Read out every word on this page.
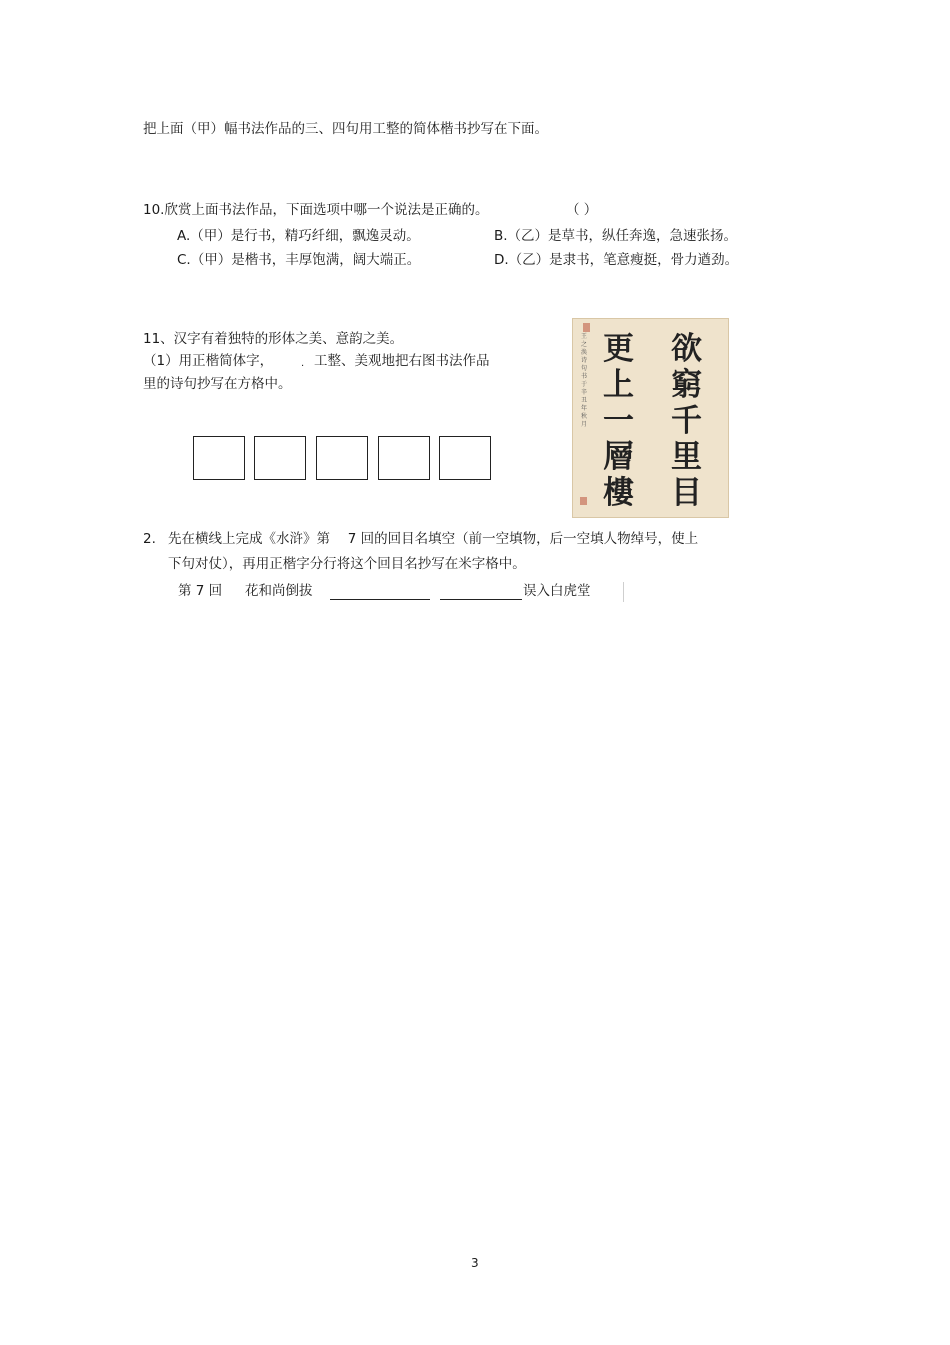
把上面（甲）幅书法作品的三、四句用工整的简体楷书抄写在下面。
10.欣赏上面书法作品，下面选项中哪一个说法是正确的。	（ ）
A.（甲）是行书，精巧纤细，飘逸灵动。	B.（乙）是草书，纵任奔逸，急速张扬。
C.（甲）是楷书，丰厚饱满，阔大端正。	D.（乙）是隶书，笔意瘦挺，骨力遒劲。
11、汉字有着独特的形体之美、意韵之美。
（1）用正楷简体字，	· 工整、美观地把右图书法作品
里的诗句抄写在方格中。
王之涣诗句书于辛丑年秋月
更
上
一
層
樓
欲
窮
千
里
目
2. 先在横线上完成《水浒》第　 7 回的回目名填空（前一空填物，后一空填人物绰号，使上
下句对仗），再用正楷字分行将这个回目名抄写在米字格中。
第 7 回 花和尚倒拔	误入白虎堂
3
